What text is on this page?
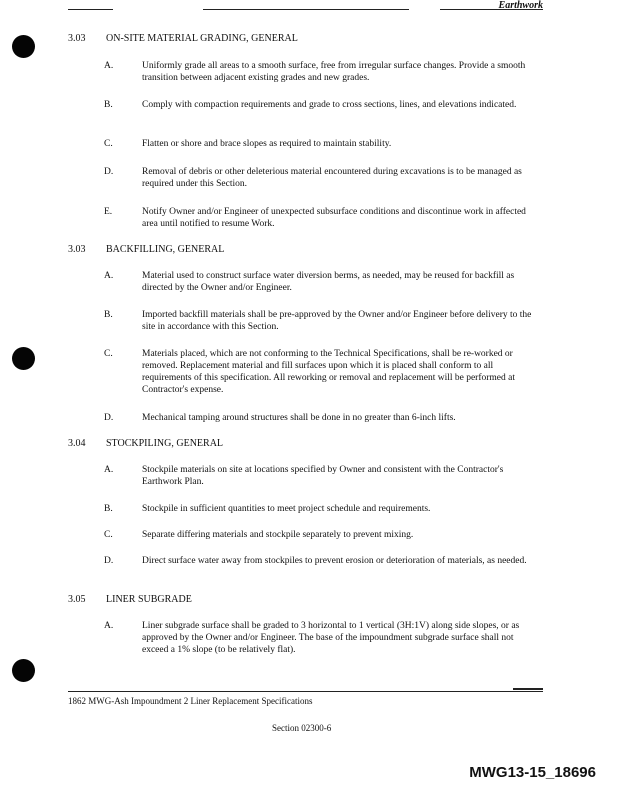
Earthwork
3.03	ON-SITE MATERIAL GRADING, GENERAL
A.	Uniformly grade all areas to a smooth surface, free from irregular surface changes. Provide a smooth transition between adjacent existing grades and new grades.
B.	Comply with compaction requirements and grade to cross sections, lines, and elevations indicated.
C.	Flatten or shore and brace slopes as required to maintain stability.
D.	Removal of debris or other deleterious material encountered during excavations is to be managed as required under this Section.
E.	Notify Owner and/or Engineer of unexpected subsurface conditions and discontinue work in affected area until notified to resume Work.
3.03	BACKFILLING, GENERAL
A.	Material used to construct surface water diversion berms, as needed, may be reused for backfill as directed by the Owner and/or Engineer.
B.	Imported backfill materials shall be pre-approved by the Owner and/or Engineer before delivery to the site in accordance with this Section.
C.	Materials placed, which are not conforming to the Technical Specifications, shall be re-worked or removed. Replacement material and fill surfaces upon which it is placed shall conform to all requirements of this specification. All reworking or removal and replacement will be performed at Contractor's expense.
D.	Mechanical tamping around structures shall be done in no greater than 6-inch lifts.
3.04	STOCKPILING, GENERAL
A.	Stockpile materials on site at locations specified by Owner and consistent with the Contractor's Earthwork Plan.
B.	Stockpile in sufficient quantities to meet project schedule and requirements.
C.	Separate differing materials and stockpile separately to prevent mixing.
D.	Direct surface water away from stockpiles to prevent erosion or deterioration of materials, as needed.
3.05	LINER SUBGRADE
A.	Liner subgrade surface shall be graded to 3 horizontal to 1 vertical (3H:1V) along side slopes, or as approved by the Owner and/or Engineer. The base of the impoundment subgrade surface shall not exceed a 1% slope (to be relatively flat).
1862 MWG-Ash Impoundment 2 Liner Replacement Specifications
Section 02300-6
MWG13-15_18696
